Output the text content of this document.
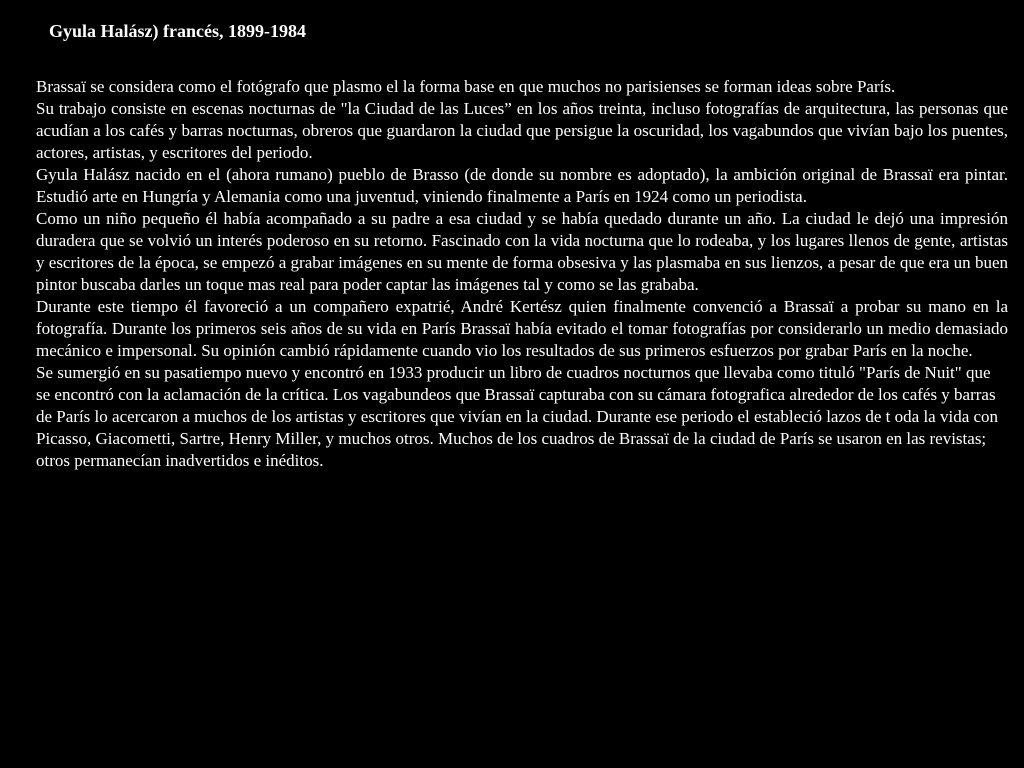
Gyula Halász) francés, 1899-1984

Brassaï se considera como el fotógrafo que plasmo el la forma base en que muchos no parisienses se forman ideas sobre París.

Su trabajo consiste en escenas nocturnas de "la Ciudad de las Luces” en los años treinta, incluso fotografías de arquitectura, las personas que acudían a los cafés y barras nocturnas, obreros que guardaron la ciudad que persigue la oscuridad, los vagabundos que vivían bajo los puentes, actores, artistas, y escritores del periodo.

Gyula Halász nacido en el (ahora rumano) pueblo de Brasso (de donde su nombre es adoptado), la ambición original de Brassaï era pintar. Estudió arte en Hungría y Alemania como una juventud, viniendo finalmente a París en 1924 como un periodista.

Como un niño pequeño él había acompañado a su padre a esa ciudad y se había quedado durante un año. La ciudad le dejó una impresión duradera que se volvió un interés poderoso en su retorno. Fascinado con la vida nocturna que lo rodeaba, y los lugares llenos de gente, artistas y escritores de la época, se empezó a grabar imágenes en su mente de forma obsesiva y las plasmaba en sus lienzos, a pesar de que era un buen pintor buscaba darles un toque mas real para poder captar las imágenes tal y como se las grababa.

Durante este tiempo él favoreció a un compañero expatrié, André Kertész quien finalmente convenció a Brassaï a probar su mano en la fotografía. Durante los primeros seis años de su vida en París Brassaï había evitado el tomar fotografías por considerarlo un medio demasiado mecánico e impersonal. Su opinión cambió rápidamente cuando vio los resultados de sus primeros esfuerzos por grabar París en la noche.

Se sumergió en su pasatiempo nuevo y encontró en 1933 producir un libro de cuadros nocturnos que llevaba como tituló "París de Nuit" que se encontró con la aclamación de la crítica. Los vagabundeos que Brassaï capturaba con su cámara fotografica alrededor de los cafés y barras de París lo acercaron a muchos de los artistas y escritores que vivían en la ciudad. Durante ese periodo el estableció lazos de t oda la vida con Picasso, Giacometti, Sartre, Henry Miller, y muchos otros. Muchos de los cuadros de Brassaï de la ciudad de París se usaron en las revistas; otros permanecían inadvertidos e inéditos.
